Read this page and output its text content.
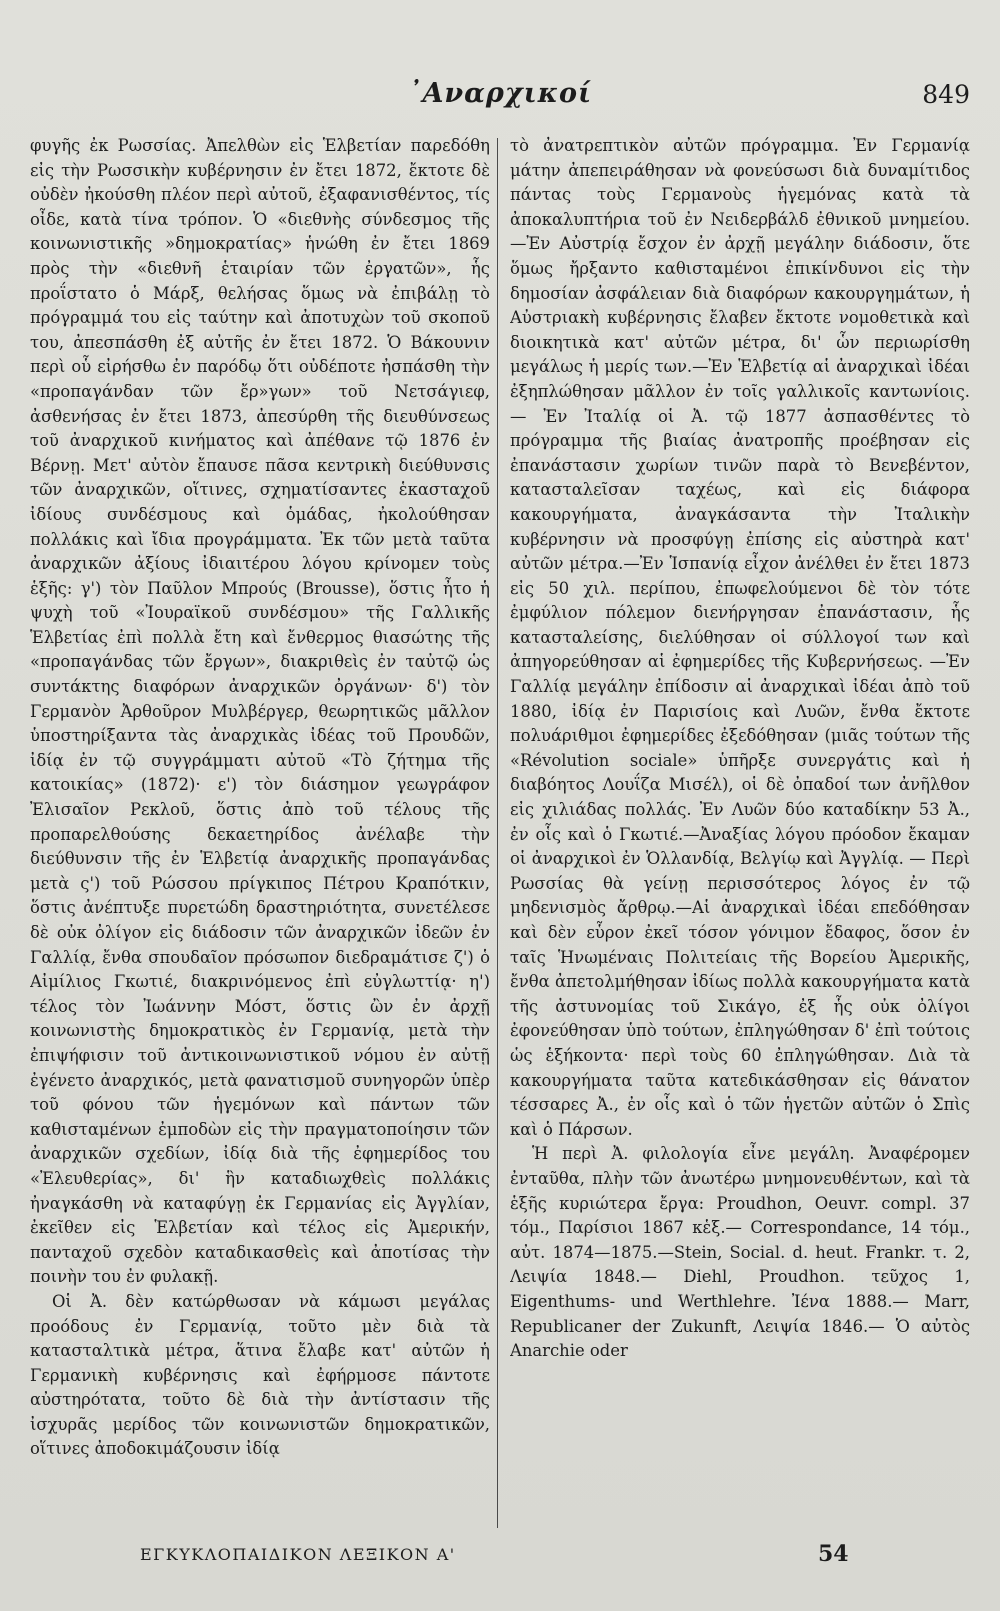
᾿Αναρχικοί	849

φυγῆς ἐκ Ρωσσίας. Ἀπελθὼν εἰς Ἑλβετίαν παρεδόθη εἰς τὴν Ρωσσικὴν κυβέρνησιν ἐν ἔτει 1872, ἔκτοτε δὲ οὐδὲν ἠκούσθη πλέον περὶ αὐτοῦ, ἐξαφανισθέντος, τίς οἶδε, κατὰ τίνα τρόπον. Ὁ «διεθνὴς σύνδεσμος τῆς κοινωνιστικῆς »δημοκρατίας» ἡνώθη ἐν ἔτει 1869 πρὸς τὴν «διεθνῆ ἑταιρίαν τῶν ἐργατῶν», ἧς προΐστατο ὁ Μάρξ, θελήσας ὅμως νὰ ἐπιβάλῃ τὸ πρόγραμμά του εἰς ταύτην καὶ ἀποτυχὼν τοῦ σκοποῦ του, ἀπεσπάσθη ἐξ αὐτῆς ἐν ἔτει 1872. Ὁ Βάκουνιν περὶ οὗ εἰρήσθω ἐν παρόδῳ ὅτι οὐδέποτε ἠσπάσθη τὴν «προπαγάνδαν τῶν ἔρ»γων» τοῦ Νετσάγιεφ, ἀσθενήσας ἐν ἔτει 1873, ἀπεσύρθη τῆς διευθύνσεως τοῦ ἀναρχικοῦ κινήματος καὶ ἀπέθανε τῷ 1876 ἐν Βέρνῃ. Μετ' αὐτὸν ἔπαυσε πᾶσα κεντρικὴ διεύθυνσις τῶν ἀναρχικῶν, οἵτινες, σχηματίσαντες ἑκασταχοῦ ἰδίους συνδέσμους καὶ ὁμάδας, ἠκολούθησαν πολλάκις καὶ ἴδια προγράμματα. Ἐκ τῶν μετὰ ταῦτα ἀναρχικῶν ἀξίους ἰδιαιτέρου λόγου κρίνομεν τοὺς ἑξῆς: γ') τὸν Παῦλον Μπρούς (Brousse), ὅστις ἦτο ἡ ψυχὴ τοῦ «Ἰουραϊκοῦ συνδέσμου» τῆς Γαλλικῆς Ἑλβετίας ἐπὶ πολλὰ ἔτη καὶ ἔνθερμος θιασώτης τῆς «προπαγάνδας τῶν ἔργων», διακριθεὶς ἐν ταὐτῷ ὡς συντάκτης διαφόρων ἀναρχικῶν ὀργάνων· δ') τὸν Γερμανὸν Ἀρθοῦρον Μυλβέργερ, θεωρητικῶς μᾶλλον ὑποστηρίξαντα τὰς ἀναρχικὰς ἰδέας τοῦ Προυδῶν, ἰδίᾳ ἐν τῷ συγγράμματι αὐτοῦ «Τὸ ζήτημα τῆς κατοικίας» (1872)· ε') τὸν διάσημον γεωγράφον Ἐλισαῖον Ρεκλοῦ, ὅστις ἀπὸ τοῦ τέλους τῆς προπαρελθούσης δεκαετηρίδος ἀνέλαβε τὴν διεύθυνσιν τῆς ἐν Ἑλβετίᾳ ἀναρχικῆς προπαγάνδας μετὰ ς') τοῦ Ρώσσου πρίγκιπος Πέτρου Κραπότκιν, ὅστις ἀνέπτυξε πυρετώδη δραστηριότητα, συνετέλεσε δὲ οὐκ ὀλίγον εἰς διάδοσιν τῶν ἀναρχικῶν ἰδεῶν ἐν Γαλλίᾳ, ἔνθα σπουδαῖον πρόσωπον διεδραμάτισε ζ') ὁ Αἰμίλιος Γκωτιέ, διακρινόμενος ἐπὶ εὐγλωττίᾳ· η') τέλος τὸν Ἰωάννην Μόστ, ὅστις ὢν ἐν ἀρχῇ κοινωνιστὴς δημοκρατικὸς ἐν Γερμανίᾳ, μετὰ τὴν ἐπιψήφισιν τοῦ ἀντικοινωνιστικοῦ νόμου ἐν αὐτῇ ἐγένετο ἀναρχικός, μετὰ φανατισμοῦ συνηγορῶν ὑπὲρ τοῦ φόνου τῶν ἡγεμόνων καὶ πάντων τῶν καθισταμένων ἐμποδὼν εἰς τὴν πραγματοποίησιν τῶν ἀναρχικῶν σχεδίων, ἰδίᾳ διὰ τῆς ἐφημερίδος του «Ἐλευθερίας», δι' ἣν καταδιωχθεὶς πολλάκις ἠναγκάσθη νὰ καταφύγῃ ἐκ Γερμανίας εἰς Ἀγγλίαν, ἐκεῖθεν εἰς Ἑλβετίαν καὶ τέλος εἰς Ἀμερικήν, πανταχοῦ σχεδὸν καταδικασθεὶς καὶ ἀποτίσας τὴν ποινὴν του ἐν φυλακῇ.

Οἱ Ἀ. δὲν κατώρθωσαν νὰ κάμωσι μεγάλας προόδους ἐν Γερμανίᾳ, τοῦτο μὲν διὰ τὰ κατασταλτικὰ μέτρα, ἅτινα ἔλαβε κατ' αὐτῶν ἡ Γερμανικὴ κυβέρνησις καὶ ἐφήρμοσε πάντοτε αὐστηρότατα, τοῦτο δὲ διὰ τὴν ἀντίστασιν τῆς ἰσχυρᾶς μερίδος τῶν κοινωνιστῶν δημοκρατικῶν, οἵτινες ἀποδοκιμάζουσιν ἰδίᾳ

τὸ ἀνατρεπτικὸν αὐτῶν πρόγραμμα. Ἐν Γερμανίᾳ μάτην ἀπεπειράθησαν νὰ φονεύσωσι διὰ δυναμίτιδος πάντας τοὺς Γερμανοὺς ἡγεμόνας κατὰ τὰ ἀποκαλυπτήρια τοῦ ἐν Νειδερβάλδ ἐθνικοῦ μνημείου.—Ἐν Αὐστρίᾳ ἔσχον ἐν ἀρχῇ μεγάλην διάδοσιν, ὅτε ὅμως ἤρξαντο καθισταμένοι ἐπικίνδυνοι εἰς τὴν δημοσίαν ἀσφάλειαν διὰ διαφόρων κακουργημάτων, ἡ Αὐστριακὴ κυβέρνησις ἔλαβεν ἔκτοτε νομοθετικὰ καὶ διοικητικὰ κατ' αὐτῶν μέτρα, δι' ὧν περιωρίσθη μεγάλως ἡ μερίς των.—Ἐν Ἑλβετίᾳ αἱ ἀναρχικαὶ ἰδέαι ἐξηπλώθησαν μᾶλλον ἐν τοῖς γαλλικοῖς καντωνίοις. — Ἐν Ἰταλίᾳ οἱ Ἀ. τῷ 1877 ἀσπασθέντες τὸ πρόγραμμα τῆς βιαίας ἀνατροπῆς προέβησαν εἰς ἐπανάστασιν χωρίων τινῶν παρὰ τὸ Βενεβέντον, κατασταλεῖσαν ταχέως, καὶ εἰς διάφορα κακουργήματα, ἀναγκάσαντα τὴν Ἰταλικὴν κυβέρνησιν νὰ προσφύγῃ ἐπίσης εἰς αὐστηρὰ κατ' αὐτῶν μέτρα.—Ἐν Ἱσπανίᾳ εἶχον ἀνέλθει ἐν ἔτει 1873 εἰς 50 χιλ. περίπου, ἐπωφελούμενοι δὲ τὸν τότε ἐμφύλιον πόλεμον διενήργησαν ἐπανάστασιν, ἧς κατασταλείσης, διελύθησαν οἱ σύλλογοί των καὶ ἀπηγορεύθησαν αἱ ἐφημερίδες τῆς Κυβερνήσεως. —Ἐν Γαλλίᾳ μεγάλην ἐπίδοσιν αἱ ἀναρχικαὶ ἰδέαι ἀπὸ τοῦ 1880, ἰδίᾳ ἐν Παρισίοις καὶ Λυῶν, ἔνθα ἔκτοτε πολυάριθμοι ἐφημερίδες ἐξεδόθησαν (μιᾶς τούτων τῆς «Révolution sociale» ὑπῆρξε συνεργάτις καὶ ἡ διαβόητος Λουΐζα Μισέλ), οἱ δὲ ὀπαδοί των ἀνῆλθον εἰς χιλιάδας πολλάς. Ἐν Λυῶν δύο καταδίκην 53 Ἀ., ἐν οἷς καὶ ὁ Γκωτιέ.—Ἀναξίας λόγου πρόοδον ἔκαμαν οἱ ἀναρχικοὶ ἐν Ὁλλανδίᾳ, Βελγίῳ καὶ Ἀγγλίᾳ. — Περὶ Ρωσσίας θὰ γείνῃ περισσότερος λόγος ἐν τῷ μηδενισμὸς ἄρθρῳ.—Αἱ ἀναρχικαὶ ἰδέαι επεδόθησαν καὶ δὲν εὗρον ἐκεῖ τόσον γόνιμον ἔδαφος, ὅσον ἐν ταῖς Ἡνωμέναις Πολιτείαις τῆς Βορείου Ἀμερικῆς, ἔνθα ἀπετολμήθησαν ἰδίως πολλὰ κακουργήματα κατὰ τῆς ἀστυνομίας τοῦ Σικάγο, ἐξ ἧς οὐκ ὀλίγοι ἐφονεύθησαν ὑπὸ τούτων, ἐπληγώθησαν δ' ἐπὶ τούτοις ὡς ἑξήκοντα· περὶ τοὺς 60 ἐπληγώθησαν. Διὰ τὰ κακουργήματα ταῦτα κατεδικάσθησαν εἰς θάνατον τέσσαρες Ἀ., ἐν οἷς καὶ ὁ τῶν ἡγετῶν αὐτῶν ὁ Σπὶς καὶ ὁ Πάρσων.

Ἡ περὶ Ἀ. φιλολογία εἶνε μεγάλη. Ἀναφέρομεν ἐνταῦθα, πλὴν τῶν ἀνωτέρω μνημονευθέντων, καὶ τὰ ἑξῆς κυριώτερα ἔργα: Proudhon, Oeuvr. compl. 37 τόμ., Παρίσιοι 1867 κἑξ.— Correspondance, 14 τόμ., αὐτ. 1874—1875.—Stein, Social. d. heut. Frankr. τ. 2, Λειψία 1848.— Diehl, Proudhon. τεῦχος 1, Eigenthums- und Werthlehre. Ἰένα 1888.— Marr, Republicaner der Zukunft, Λειψία 1846.— Ὁ αὐτὸς Anarchie oder

ΕΓΚΥΚΛΟΠΑΙΔΙΚΟΝ ΛΕΞΙΚΟΝ Α'	54
